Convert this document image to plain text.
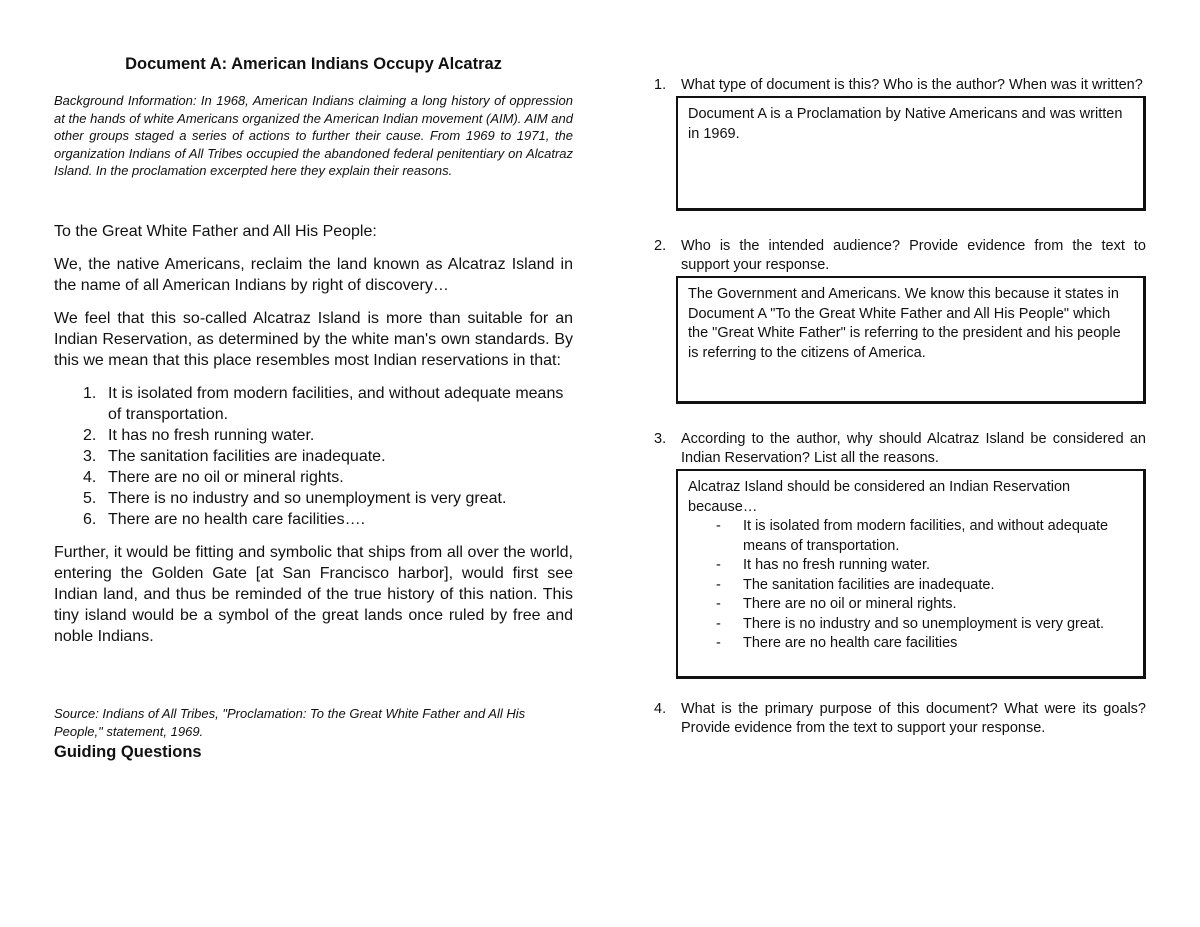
Document A: American Indians Occupy Alcatraz

Background Information: In 1968, American Indians claiming a long history of oppression at the hands of white Americans organized the American Indian movement (AIM). AIM and other groups staged a series of actions to further their cause. From 1969 to 1971, the organization Indians of All Tribes occupied the abandoned federal penitentiary on Alcatraz Island. In the proclamation excerpted here they explain their reasons.

To the Great White Father and All His People:

We, the native Americans, reclaim the land known as Alcatraz Island in the name of all American Indians by right of discovery…

We feel that this so-called Alcatraz Island is more than suitable for an Indian Reservation, as determined by the white man's own standards. By this we mean that this place resembles most Indian reservations in that:

1. It is isolated from modern facilities, and without adequate means of transportation.
2. It has no fresh running water.
3. The sanitation facilities are inadequate.
4. There are no oil or mineral rights.
5. There is no industry and so unemployment is very great.
6. There are no health care facilities….

Further, it would be fitting and symbolic that ships from all over the world, entering the Golden Gate [at San Francisco harbor], would first see Indian land, and thus be reminded of the true history of this nation. This tiny island would be a symbol of the great lands once ruled by free and noble Indians.

Source: Indians of All Tribes, "Proclamation: To the Great White Father and All His People," statement, 1969.

Guiding Questions
1. What type of document is this? Who is the author? When was it written?
Document A is a Proclamation by Native Americans and was written in 1969.
2. Who is the intended audience? Provide evidence from the text to support your response.
The Government and Americans. We know this because it states in Document A "To the Great White Father and All His People" which the "Great White Father" is referring to the president and his people is referring to the citizens of America.
3. According to the author, why should Alcatraz Island be considered an Indian Reservation? List all the reasons.
Alcatraz Island should be considered an Indian Reservation because…
- It is isolated from modern facilities, and without adequate means of transportation.
- It has no fresh running water.
- The sanitation facilities are inadequate.
- There are no oil or mineral rights.
- There is no industry and so unemployment is very great.
- There are no health care facilities
4. What is the primary purpose of this document? What were its goals? Provide evidence from the text to support your response.
